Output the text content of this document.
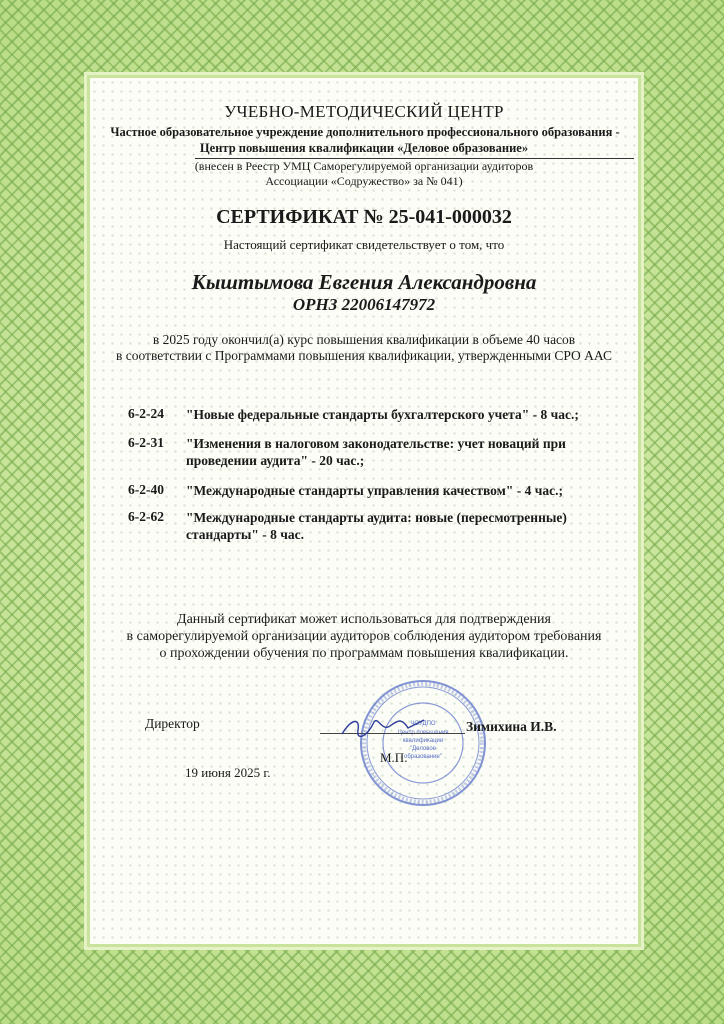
УЧЕБНО-МЕТОДИЧЕСКИЙ ЦЕНТР
Частное образовательное учреждение дополнительного профессионального образования -
Центр повышения квалификации «Деловое образование»
(внесен в Реестр УМЦ Саморегулируемой организации аудиторов
Ассоциации «Содружество» за № 041)
СЕРТИФИКАТ № 25-041-000032
Настоящий сертификат свидетельствует о том, что
Кыштымова Евгения Александровна
ОРНЗ 22006147972
в 2025 году окончил(а) курс повышения квалификации в объеме 40 часов
в соответствии с Программами повышения квалификации, утвержденными СРО ААС
6-2-24	"Новые федеральные стандарты бухгалтерского учета" - 8 час.;
6-2-31	"Изменения в налоговом законодательстве: учет новаций при проведении аудита" - 20 час.;
6-2-40	"Международные стандарты управления качеством" - 4 час.;
6-2-62	"Международные стандарты аудита: новые (пересмотренные) стандарты" - 8 час.
Данный сертификат может использоваться для подтверждения
в саморегулируемой организации аудиторов соблюдения аудитором требования
о прохождении обучения по программам повышения квалификации.
ЧОУДПО
квалификации
"Деловое
образование"
Директор	Зимихина И.В.
М.П.
19 июня 2025 г.
